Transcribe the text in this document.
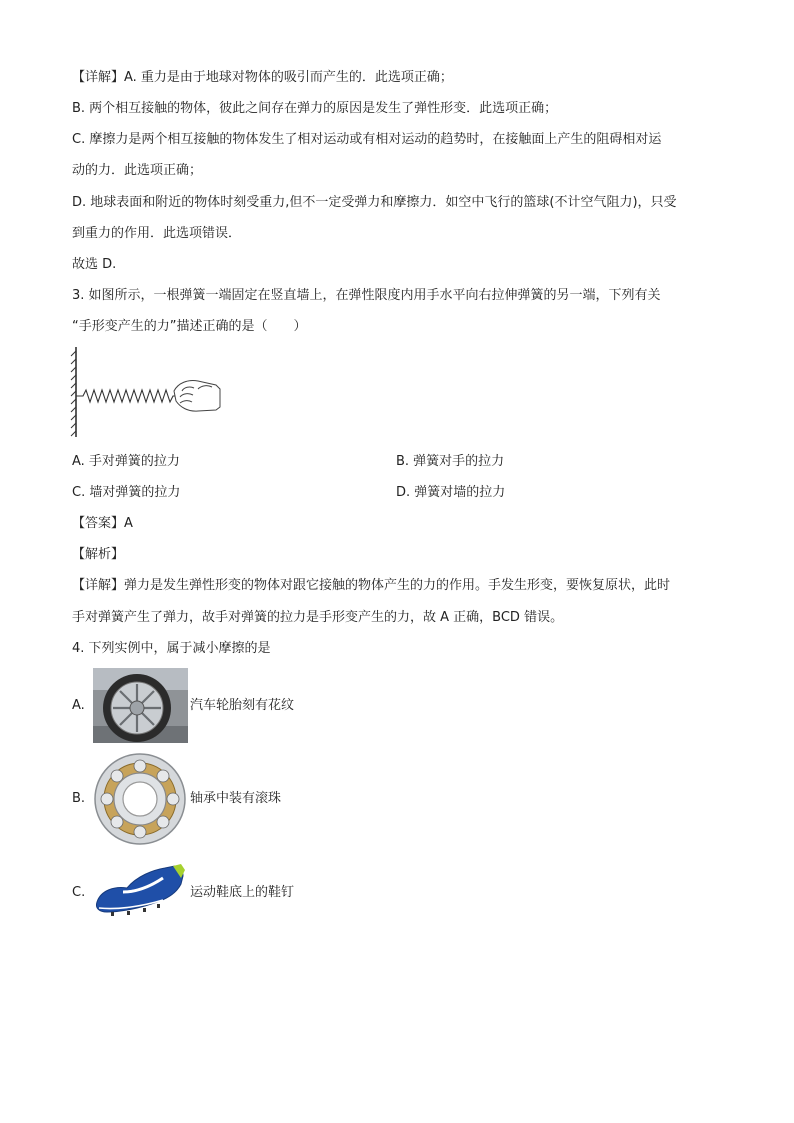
【详解】A. 重力是由于地球对物体的吸引而产生的．此选项正确；
B. 两个相互接触的物体，彼此之间存在弹力的原因是发生了弹性形变．此选项正确；
C. 摩擦力是两个相互接触的物体发生了相对运动或有相对运动的趋势时，在接触面上产生的阻碍相对运
动的力．此选项正确；
D. 地球表面和附近的物体时刻受重力,但不一定受弹力和摩擦力．如空中飞行的篮球(不计空气阻力)，只受
到重力的作用．此选项错误．
故选 D.
3. 如图所示，一根弹簧一端固定在竖直墙上，在弹性限度内用手水平向右拉伸弹簧的另一端，下列有关
“手形变产生的力”描述正确的是（　　）
A. 手对弹簧的拉力	B. 弹簧对手的拉力
C. 墙对弹簧的拉力	D. 弹簧对墙的拉力
【答案】A
【解析】
【详解】弹力是发生弹性形变的物体对跟它接触的物体产生的力的作用。手发生形变，要恢复原状，此时
手对弹簧产生了弹力，故手对弹簧的拉力是手形变产生的力，故 A 正确，BCD 错误。
4. 下列实例中，属于减小摩擦的是
A.	汽车轮胎刻有花纹
B.	轴承中装有滚珠
C.	运动鞋底上的鞋钉
